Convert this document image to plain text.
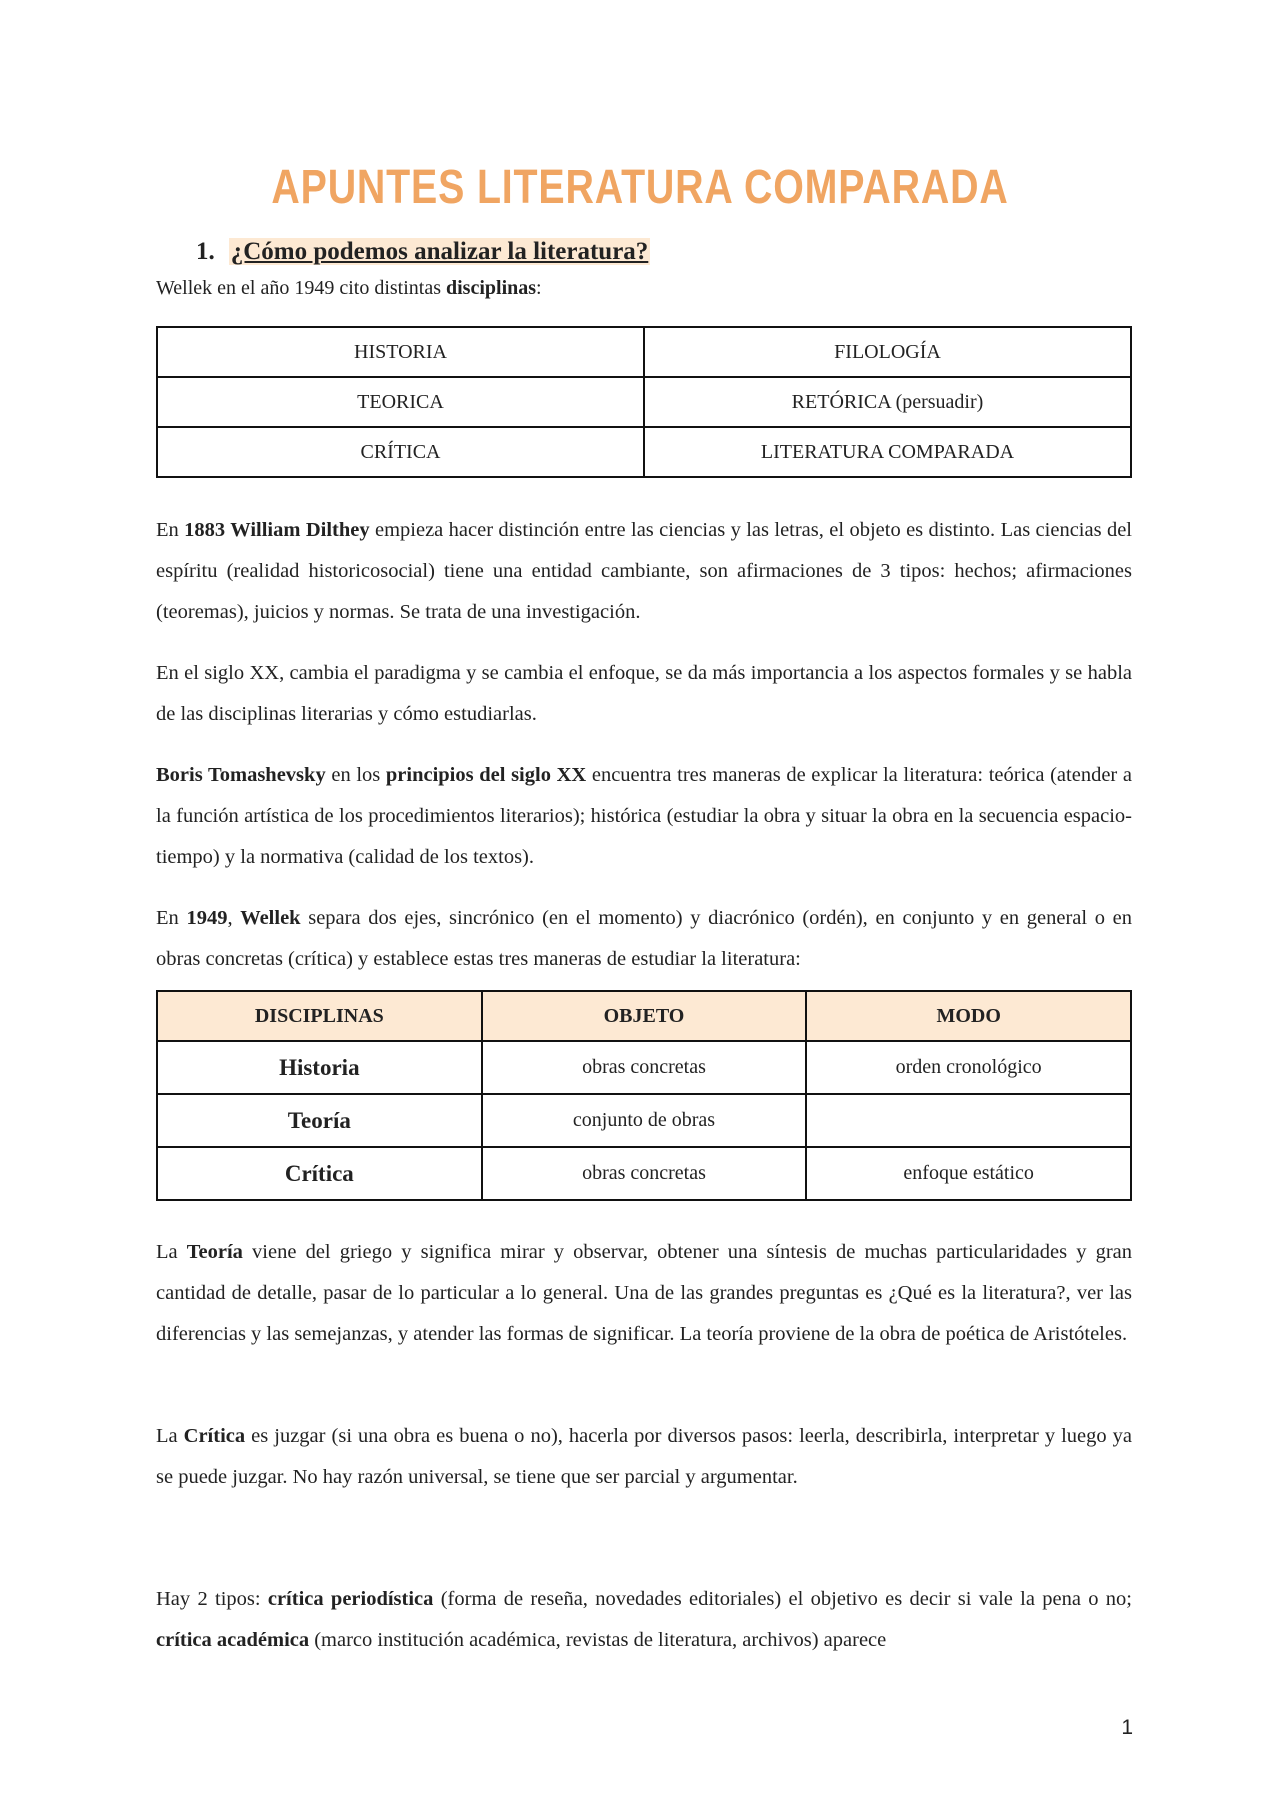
APUNTES LITERATURA COMPARADA
1. ¿Cómo podemos analizar la literatura?
Wellek en el año 1949 cito distintas disciplinas:
HISTORIA	FILOLOGÍA
TEORICA	RETÓRICA (persuadir)
CRÍTICA	LITERATURA COMPARADA
En 1883 William Dilthey empieza hacer distinción entre las ciencias y las letras, el objeto es distinto. Las ciencias del espíritu (realidad historicosocial) tiene una entidad cambiante, son afirmaciones de 3 tipos: hechos; afirmaciones (teoremas), juicios y normas. Se trata de una investigación.
En el siglo XX, cambia el paradigma y se cambia el enfoque, se da más importancia a los aspectos formales y se habla de las disciplinas literarias y cómo estudiarlas.
Boris Tomashevsky en los principios del siglo XX encuentra tres maneras de explicar la literatura: teórica (atender a la función artística de los procedimientos literarios); histórica (estudiar la obra y situar la obra en la secuencia espacio-tiempo) y la normativa (calidad de los textos).
En 1949, Wellek separa dos ejes, sincrónico (en el momento) y diacrónico (ordén), en conjunto y en general o en obras concretas (crítica) y establece estas tres maneras de estudiar la literatura:
DISCIPLINAS	OBJETO	MODO
Historia	obras concretas	orden cronológico
Teoría	conjunto de obras	
Crítica	obras concretas	enfoque estático
La Teoría viene del griego y significa mirar y observar, obtener una síntesis de muchas particularidades y gran cantidad de detalle, pasar de lo particular a lo general. Una de las grandes preguntas es ¿Qué es la literatura?, ver las diferencias y las semejanzas, y atender las formas de significar. La teoría proviene de la obra de poética de Aristóteles.
La Crítica es juzgar (si una obra es buena o no), hacerla por diversos pasos: leerla, describirla, interpretar y luego ya se puede juzgar. No hay razón universal, se tiene que ser parcial y argumentar.
Hay 2 tipos: crítica periodística (forma de reseña, novedades editoriales) el objetivo es decir si vale la pena o no; crítica académica (marco institución académica, revistas de literatura, archivos) aparece
1
